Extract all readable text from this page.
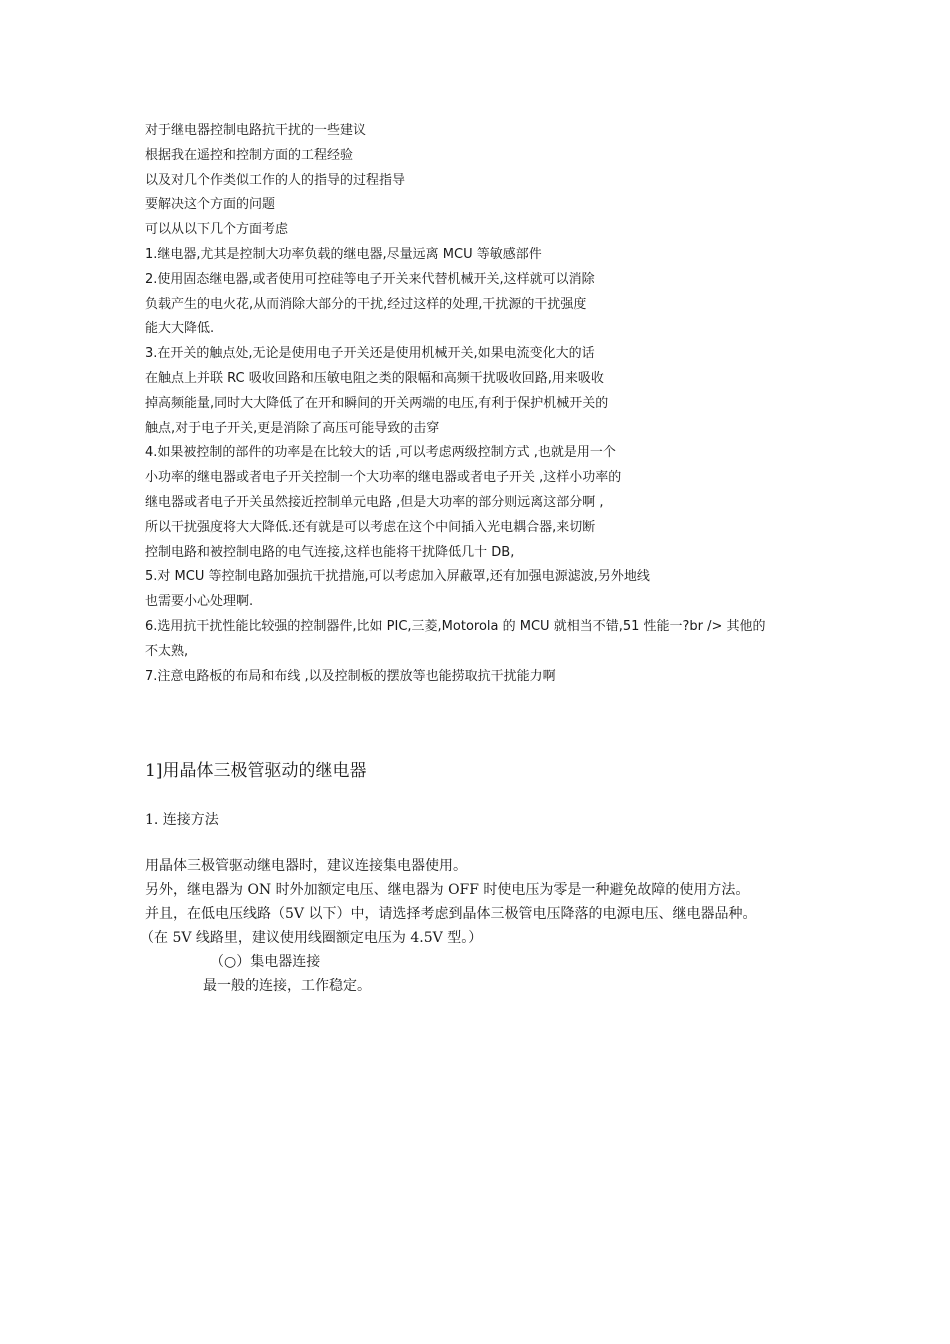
对于继电器控制电路抗干扰的一些建议
根据我在遥控和控制方面的工程经验
以及对几个作类似工作的人的指导的过程指导
要解决这个方面的问题
可以从以下几个方面考虑
1.继电器,尤其是控制大功率负载的继电器,尽量远离 MCU 等敏感部件
2.使用固态继电器,或者使用可控硅等电子开关来代替机械开关,这样就可以消除
负载产生的电火花,从而消除大部分的干扰,经过这样的处理,干扰源的干扰强度
能大大降低.
3.在开关的触点处,无论是使用电子开关还是使用机械开关,如果电流变化大的话
在触点上并联 RC 吸收回路和压敏电阻之类的限幅和高频干扰吸收回路,用来吸收
掉高频能量,同时大大降低了在开和瞬间的开关两端的电压,有利于保护机械开关的
触点,对于电子开关,更是消除了高压可能导致的击穿
4.如果被控制的部件的功率是在比较大的话 ,可以考虑两级控制方式 ,也就是用一个
小功率的继电器或者电子开关控制一个大功率的继电器或者电子开关 ,这样小功率的
继电器或者电子开关虽然接近控制单元电路 ,但是大功率的部分则远离这部分啊 ,
所以干扰强度将大大降低.还有就是可以考虑在这个中间插入光电耦合器,来切断
控制电路和被控制电路的电气连接,这样也能将干扰降低几十 DB,
5.对 MCU 等控制电路加强抗干扰措施,可以考虑加入屏蔽罩,还有加强电源滤波,另外地线
也需要小心处理啊.
6.选用抗干扰性能比较强的控制器件,比如 PIC,三菱,Motorola 的 MCU 就相当不错,51 性能一?br /> 其他的
不太熟,
7.注意电路板的布局和布线 ,以及控制板的摆放等也能捞取抗干扰能力啊
1]用晶体三极管驱动的继电器
1. 连接方法
用晶体三极管驱动继电器时，建议连接集电器使用。
另外，继电器为 ON 时外加额定电压、继电器为 OFF 时使电压为零是一种避免故障的使用方法。
并且，在低电压线路（5V 以下）中，请选择考虑到晶体三极管电压降落的电源电压、继电器品种。
（在 5V 线路里，建议使用线圈额定电压为 4.5V 型。）
（○）集电器连接
最一般的连接，工作稳定。
